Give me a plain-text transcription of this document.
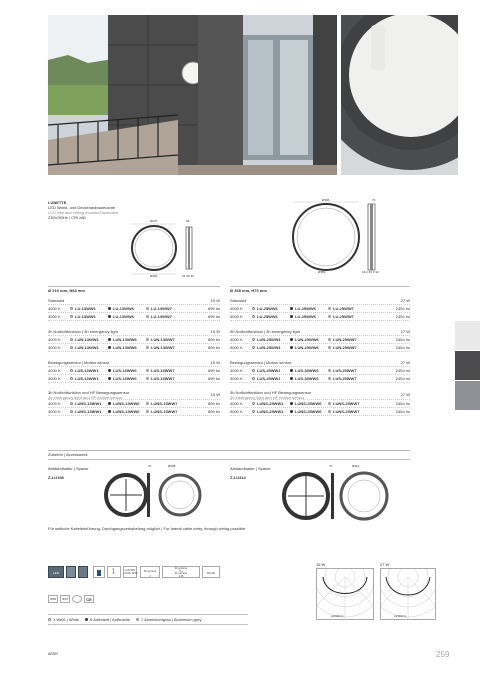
LUNETTE
LED Wand- und Deckenanbauleuchte
LED wall and ceiling mounted luminaire
230V/50Hz / CRI ≥80
Ø270	68
Ø300	34 33 32
Ø365	70
Ø350	34.2 33.3 32
Ø 219 mm, H68 mm
Standard	15 W
4000 K	LU-13WW1	LU-13WW6	LU-13WW7	899 lm
3000 K	LU-13WW1	LU-13WW6	LU-13WW7	899 lm
3h Notlichtfunktion | 3h emergency light	15 W
4000 K	LUN-13WW1	LUN-13WW6	LUN-13WW7	899 lm
3000 K	LUN-13WW1	LUN-13WW6	LUN-13WW7	899 lm
Bewegungssensor | Motion sensor	15 W
4000 K	LUS-13WW1	LUS-13WW6	LUS-13WW7	899 lm
3000 K	LUS-13WW1	LUS-13WW6	LUS-13WW7	899 lm
3h Notlichtfunktion und HF Bewegungssensor
3h emergency light and HF motion sensor	15 W
4000 K	LUNS-13WW1	LUNS-13WW6	LUNS-13WW7	899 lm
3000 K	LUNS-13WW1	LUNS-13WW6	LUNS-13WW7	899 lm
Ø 365 mm, H70 mm
Standard	27 W
4000 K	LU-25WW1	LU-25WW6	LU-25WW7	2454 lm
3000 K	LU-25WW1	LU-25WW6	LU-25WW7	2454 lm
3h Notlichtfunktion | 3h emergency light	27 W
4000 K	LUN-25WW1	LUN-25WW6	LUN-25WW7	2454 lm
3000 K	LUN-25WW1	LUN-25WW6	LUN-25WW7	2454 lm
Bewegungssensor | Motion sensor	27 W
4000 K	LUS-25WW1	LUS-25WW6	LUS-25WW7	2454 lm
3000 K	LUS-25WW1	LUS-25WW6	LUS-25WW7	2454 lm
3h Notlichtfunktion und HF Bewegungssensor
3h emergency light and HF motion sensor	27 W
4000 K	LUNS-25WW1	LUNS-25WW6	LUNS-25WW7	2454 lm
3000 K	LUNS-25WW1	LUNS-25WW6	LUNS-25WW7	2454 lm
Zubehör | Accessories
Abstandhalter | Spacer
Z-LU198
70	Ø198	Abstandhalter | Spacer
Z-LU314
70	Ø314
Für seitliche Kabeleinführung, Durchgangsverkabelung möglich | For lateral cable entry, through wiring possible
LED	🚶	LUN 50%
LUNS 100%
3h set time
3
3h set time
5 s
3h set time
2.15
RA>80
IP65	IK07	CE
1 Weiß | White	6 Anthrazit | Anthracite	7 Aluminiumgrau | Aluminium grey
15 W
cd/1000 lm
27 W
cd/1000 lm
ARSR	259
